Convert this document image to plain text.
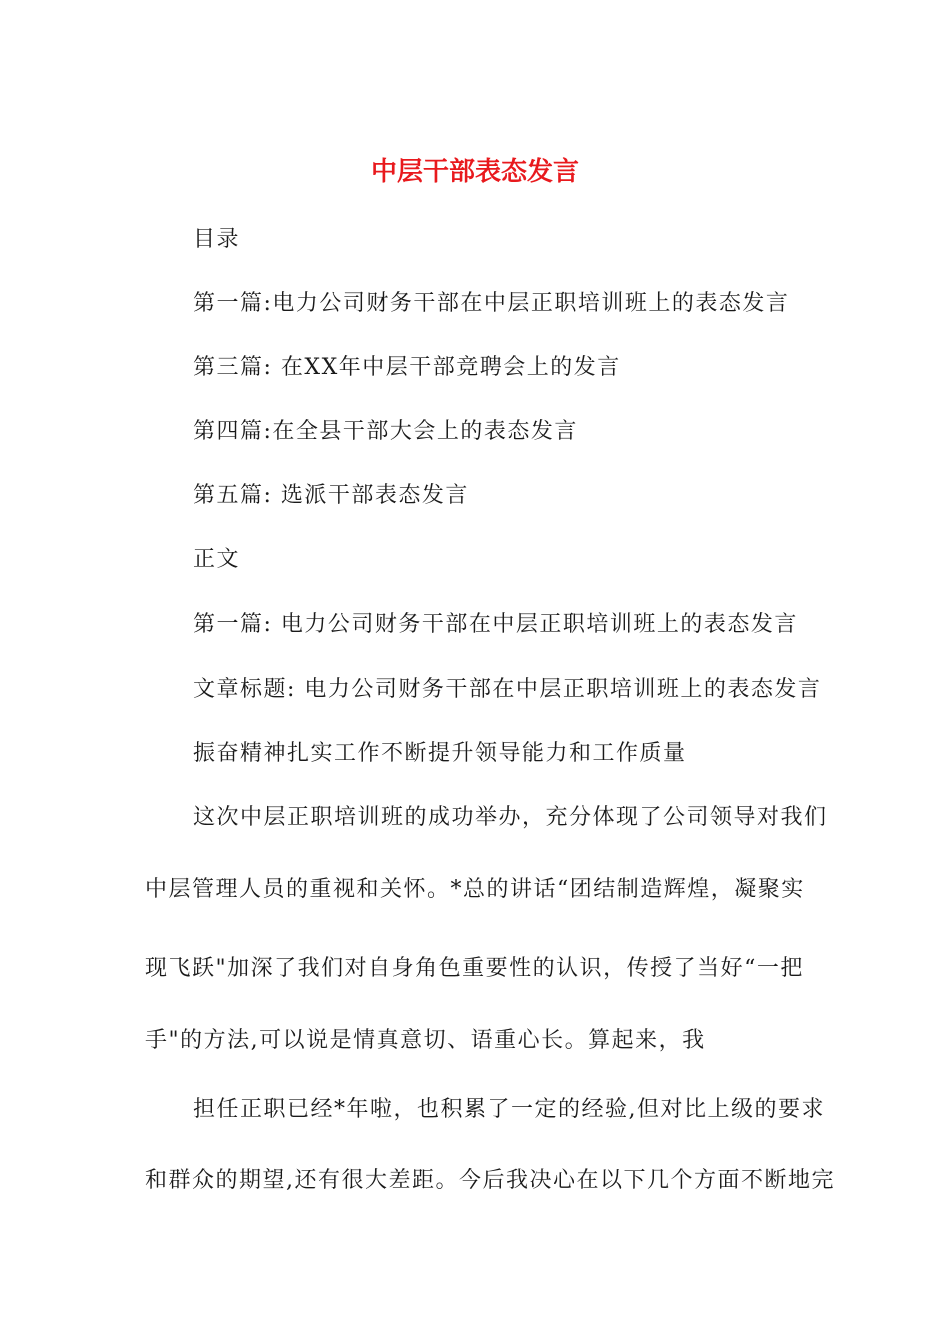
中层干部表态发言
目录
第一篇:电力公司财务干部在中层正职培训班上的表态发言
第三篇: 在XX年中层干部竞聘会上的发言
第四篇:在全县干部大会上的表态发言
第五篇: 选派干部表态发言
正文
第一篇: 电力公司财务干部在中层正职培训班上的表态发言
文章标题: 电力公司财务干部在中层正职培训班上的表态发言
振奋精神扎实工作不断提升领导能力和工作质量
这次中层正职培训班的成功举办，充分体现了公司领导对我们
中层管理人员的重视和关怀。*总的讲话“团结制造辉煌，凝聚实
现飞跃"加深了我们对自身角色重要性的认识，传授了当好“一把
手"的方法,可以说是情真意切、语重心长。算起来，我
担任正职已经*年啦，也积累了一定的经验,但对比上级的要求
和群众的期望,还有很大差距。今后我决心在以下几个方面不断地完
